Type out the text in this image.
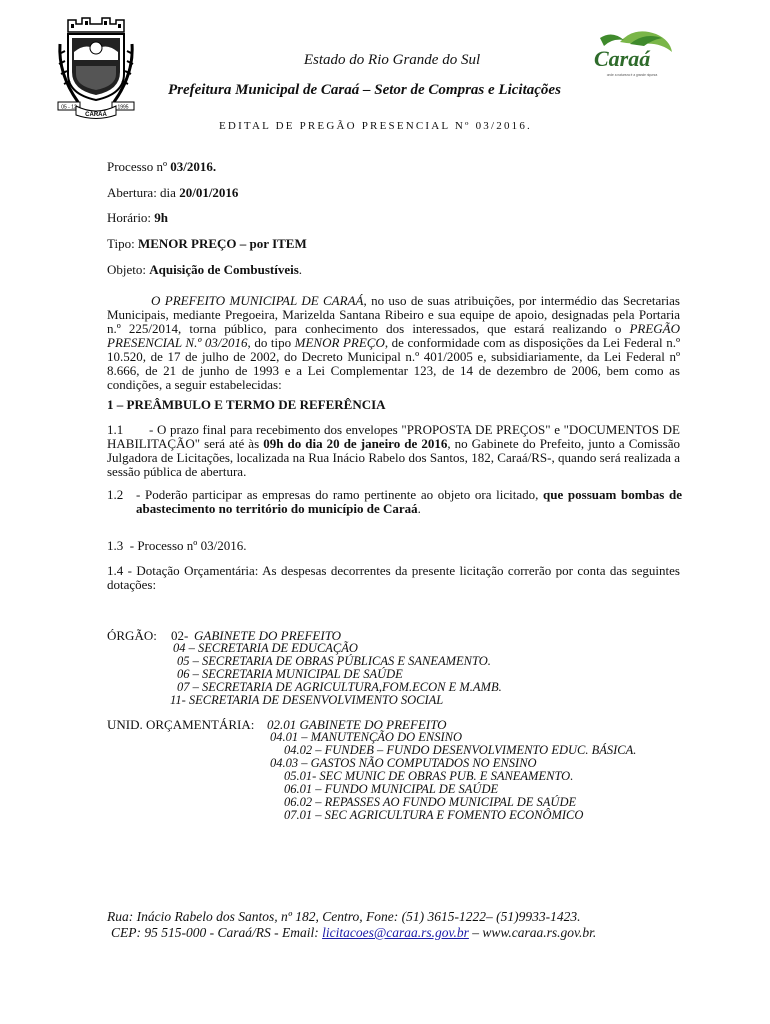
05 - 12	1995
CARAÁ
Caraá
onde a natureza é a grande riqueza
Estado do Rio Grande do Sul
Prefeitura Municipal de Caraá – Setor de Compras e Licitações
EDITAL DE PREGÃO PRESENCIAL Nº 03/2016.
Processo nº 03/2016.
Abertura: dia 20/01/2016
Horário: 9h
Tipo: MENOR PREÇO – por ITEM
Objeto: Aquisição de Combustíveis.
O PREFEITO MUNICIPAL DE CARAÁ, no uso de suas atribuições, por intermédio das Secretarias Municipais, mediante Pregoeira, Marizelda Santana Ribeiro e sua equipe de apoio, designadas pela Portaria n.º 225/2014, torna público, para conhecimento dos interessados, que estará realizando o PREGÃO PRESENCIAL N.º 03/2016, do tipo MENOR PREÇO, de conformidade com as disposições da Lei Federal n.º 10.520, de 17 de julho de 2002, do Decreto Municipal n.º 401/2005 e, subsidiariamente, da Lei Federal nº 8.666, de 21 de junho de 1993 e a Lei Complementar 123, de 14 de dezembro de 2006, bem como as condições, a seguir estabelecidas:
1 – PREÂMBULO E TERMO DE REFERÊNCIA
1.1 - O prazo final para recebimento dos envelopes "PROPOSTA DE PREÇOS" e "DOCUMENTOS DE HABILITAÇÃO" será até às 09h do dia 20 de janeiro de 2016, no Gabinete do Prefeito, junto a Comissão Julgadora de Licitações, localizada na Rua Inácio Rabelo dos Santos, 182, Caraá/RS-, quando será realizada a sessão pública de abertura.
1.2 - Poderão participar as empresas do ramo pertinente ao objeto ora licitado, que possuam bombas de abastecimento no território do município de Caraá.
1.3  - Processo nº 03/2016.
1.4 - Dotação Orçamentária: As despesas decorrentes da presente licitação correrão por conta das seguintes dotações:
ÓRGÃO: 02- GABINETE DO PREFEITO
04 – SECRETARIA DE EDUCAÇÃO
05 – SECRETARIA DE OBRAS PÚBLICAS E SANEAMENTO.
06 – SECRETARIA MUNICIPAL DE SAÚDE
07 – SECRETARIA DE AGRICULTURA,FOM.ECON E M.AMB.
11- SECRETARIA DE DESENVOLVIMENTO SOCIAL
UNID. ORÇAMENTÁRIA: 02.01 GABINETE DO PREFEITO
04.01 – MANUTENÇÃO DO ENSINO
04.02 – FUNDEB – FUNDO DESENVOLVIMENTO EDUC. BÁSICA.
04.03 – GASTOS NÃO COMPUTADOS NO ENSINO
05.01- SEC MUNIC DE OBRAS PUB. E SANEAMENTO.
06.01 – FUNDO MUNICIPAL DE SAÚDE
06.02 – REPASSES AO FUNDO MUNICIPAL DE SAÚDE
07.01 – SEC AGRICULTURA E FOMENTO ECONÔMICO
Rua: Inácio Rabelo dos Santos, nº 182, Centro, Fone: (51) 3615-1222– (51)9933-1423.
CEP: 95 515-000 - Caraá/RS - Email: licitacoes@caraa.rs.gov.br – www.caraa.rs.gov.br.
